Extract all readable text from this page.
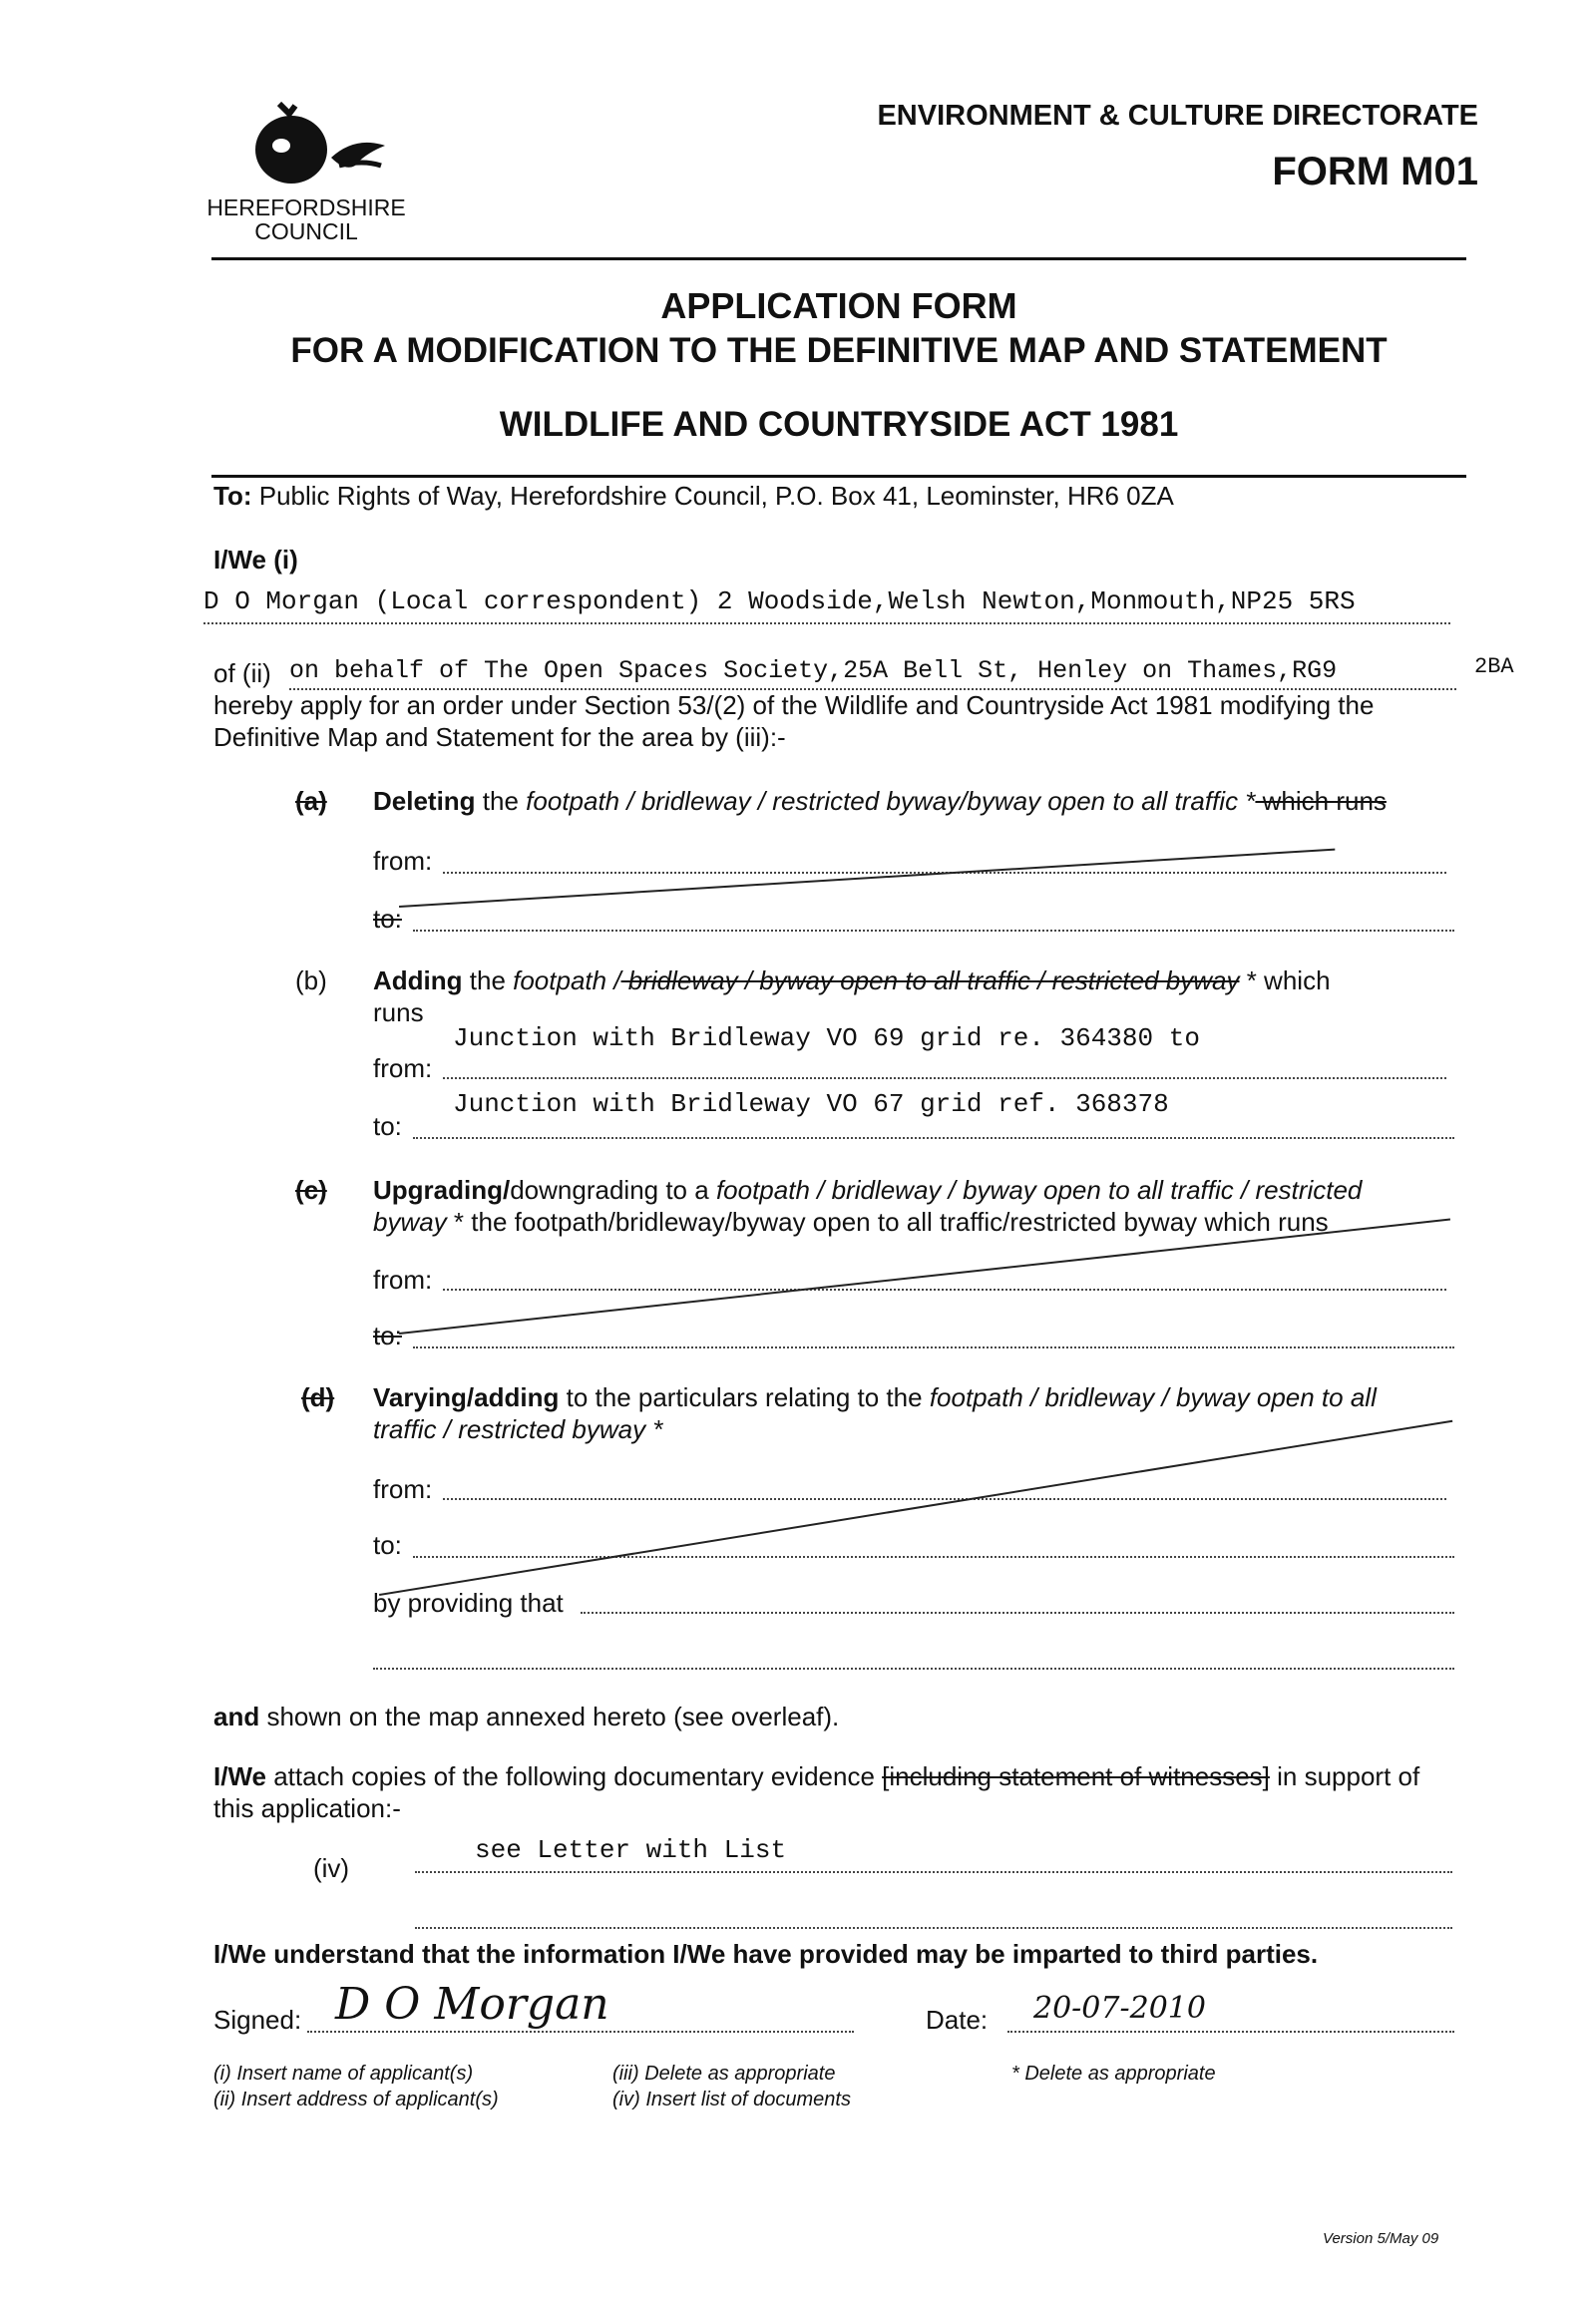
HEREFORDSHIRE
COUNCIL
ENVIRONMENT & CULTURE DIRECTORATE
FORM M01
APPLICATION FORM
FOR A MODIFICATION TO THE DEFINITIVE MAP AND STATEMENT
WILDLIFE AND COUNTRYSIDE ACT 1981
To: Public Rights of Way, Herefordshire Council, P.O. Box 41, Leominster, HR6 0ZA
I/We (i)
D O Morgan (Local correspondent) 2 Woodside,Welsh Newton,Monmouth,NP25 5RS
of (ii) on behalf of The Open Spaces Society,25A Bell St, Henley on Thames,RG9	2BA
hereby apply for an order under Section 53/(2) of the Wildlife and Countryside Act 1981 modifying the
Definitive Map and Statement for the area by (iii):-
(a) Deleting the footpath / bridleway / restricted byway/byway open to all traffic * which runs
from:
to:
(b) Adding the footpath / bridleway / byway open to all traffic / restricted byway * which
runs
Junction with Bridleway VO 69 grid re. 364380 to
from:
Junction with Bridleway VO 67 grid ref. 368378
to:
(c) Upgrading/downgrading to a footpath / bridleway / byway open to all traffic / restricted
byway * the footpath/bridleway/byway open to all traffic/restricted byway which runs
from:
to:
(d) Varying/adding to the particulars relating to the footpath / bridleway / byway open to all
traffic / restricted byway *
from:
to:
by providing that
and shown on the map annexed hereto (see overleaf).
I/We attach copies of the following documentary evidence [including statement of witnesses] in support of
this application:-
(iv)
see Letter with List
I/We understand that the information I/We have provided may be imparted to third parties.
Signed: D O Morgan	Date: 20-07-2010
(i) Insert name of applicant(s)
(ii) Insert address of applicant(s)
(iii) Delete as appropriate
(iv) Insert list of documents
* Delete as appropriate
Version 5/May 09
